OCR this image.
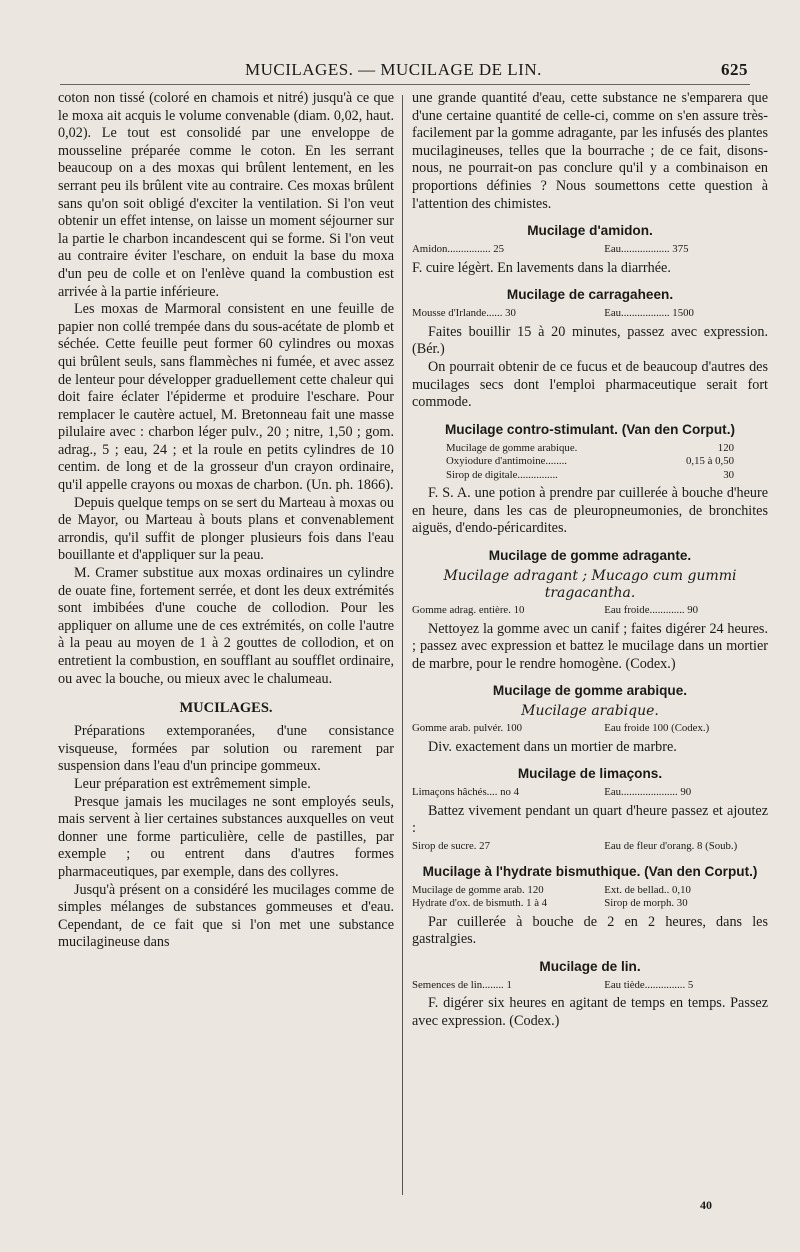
MUCILAGES. — MUCILAGE DE LIN.	625

coton non tissé (coloré en chamois et nitré) jusqu'à ce que le moxa ait acquis le volume convenable (diam. 0,02, haut. 0,02). Le tout est consolidé par une enveloppe de mousseline préparée comme le coton. En les serrant beaucoup on a des moxas qui brûlent lentement, en les serrant peu ils brûlent vite au contraire. Ces moxas brûlent sans qu'on soit obligé d'exciter la ventilation. Si l'on veut obtenir un effet intense, on laisse un moment séjourner sur la partie le charbon incandescent qui se forme. Si l'on veut au contraire éviter l'eschare, on enduit la base du moxa d'un peu de colle et on l'enlève quand la combustion est arrivée à la partie inférieure.

Les moxas de Marmoral consistent en une feuille de papier non collé trempée dans du sous-acétate de plomb et séchée. Cette feuille peut former 60 cylindres ou moxas qui brûlent seuls, sans flammèches ni fumée, et avec assez de lenteur pour développer graduellement cette chaleur qui doit faire éclater l'épiderme et produire l'eschare. Pour remplacer le cautère actuel, M. Bretonneau fait une masse pilulaire avec : charbon léger pulv., 20 ; nitre, 1,50 ; gom. adrag., 5 ; eau, 24 ; et la roule en petits cylindres de 10 centim. de long et de la grosseur d'un crayon ordinaire, qu'il appelle crayons ou moxas de charbon. (Un. ph. 1866).

Depuis quelque temps on se sert du Marteau à moxas ou de Mayor, ou Marteau à bouts plans et convenablement arrondis, qu'il suffit de plonger plusieurs fois dans l'eau bouillante et d'appliquer sur la peau.

M. Cramer substitue aux moxas ordinaires un cylindre de ouate fine, fortement serrée, et dont les deux extrémités sont imbibées d'une couche de collodion. Pour les appliquer on allume une de ces extrémités, on colle l'autre à la peau au moyen de 1 à 2 gouttes de collodion, et on entretient la combustion, en soufflant au soufflet ordinaire, ou avec la bouche, ou mieux avec le chalumeau.

MUCILAGES.

Préparations extemporanées, d'une consistance visqueuse, formées par solution ou rarement par suspension dans l'eau d'un principe gommeux.

Leur préparation est extrêmement simple.

Presque jamais les mucilages ne sont employés seuls, mais servent à lier certaines substances auxquelles on veut donner une forme particulière, celle de pastilles, par exemple ; ou entrent dans d'autres formes pharmaceutiques, par exemple, dans des collyres.

Jusqu'à présent on a considéré les mucilages comme de simples mélanges de substances gommeuses et d'eau. Cependant, de ce fait que si l'on met une substance mucilagineuse dans

une grande quantité d'eau, cette substance ne s'emparera que d'une certaine quantité de celle-ci, comme on s'en assure très-facilement par la gomme adragante, par les infusés des plantes mucilagineuses, telles que la bourrache ; de ce fait, disons-nous, ne pourrait-on pas conclure qu'il y a combinaison en proportions définies ? Nous soumettons cette question à l'attention des chimistes.

Mucilage d'amidon.
Amidon................ 25	Eau.................. 375

F. cuire légèrt. En lavements dans la diarrhée.

Mucilage de carragaheen.
Mousse d'Irlande...... 30	Eau.................. 1500

Faites bouillir 15 à 20 minutes, passez avec expression. (Bér.)

On pourrait obtenir de ce fucus et de beaucoup d'autres des mucilages secs dont l'emploi pharmaceutique serait fort commode.

Mucilage contro-stimulant. (Van den Corput.)
Mucilage de gomme arabique.	120
Oxyiodure d'antimoine........	0,15 à 0,50
Sirop de digitale...............	30

F. S. A. une potion à prendre par cuillerée à bouche d'heure en heure, dans les cas de pleuropneumonies, de bronchites aiguës, d'endo-péricardites.

Mucilage de gomme adragante.
Mucilage adragant ; Mucago cum gummi tragacantha.
Gomme adrag. entière. 10	Eau froide............. 90

Nettoyez la gomme avec un canif ; faites digérer 24 heures. ; passez avec expression et battez le mucilage dans un mortier de marbre, pour le rendre homogène. (Codex.)

Mucilage de gomme arabique.
Mucilage arabique.
Gomme arab. pulvér. 100	Eau froide 100 (Codex.)

Div. exactement dans un mortier de marbre.

Mucilage de limaçons.
Limaçons hâchés.... no 4	Eau..................... 90

Battez vivement pendant un quart d'heure passez et ajoutez :

Sirop de sucre. 27	Eau de fleur d'orang. 8 (Soub.)
Mucilage à l'hydrate bismuthique. (Van den Corput.)
Mucilage de gomme arab. 120	Ext. de bellad.. 0,10
Hydrate d'ox. de bismuth. 1 à 4	Sirop de morph. 30

Par cuillerée à bouche de 2 en 2 heures, dans les gastralgies.

Mucilage de lin.
Semences de lin........ 1	Eau tiède............... 5

F. digérer six heures en agitant de temps en temps. Passez avec expression. (Codex.)

40
